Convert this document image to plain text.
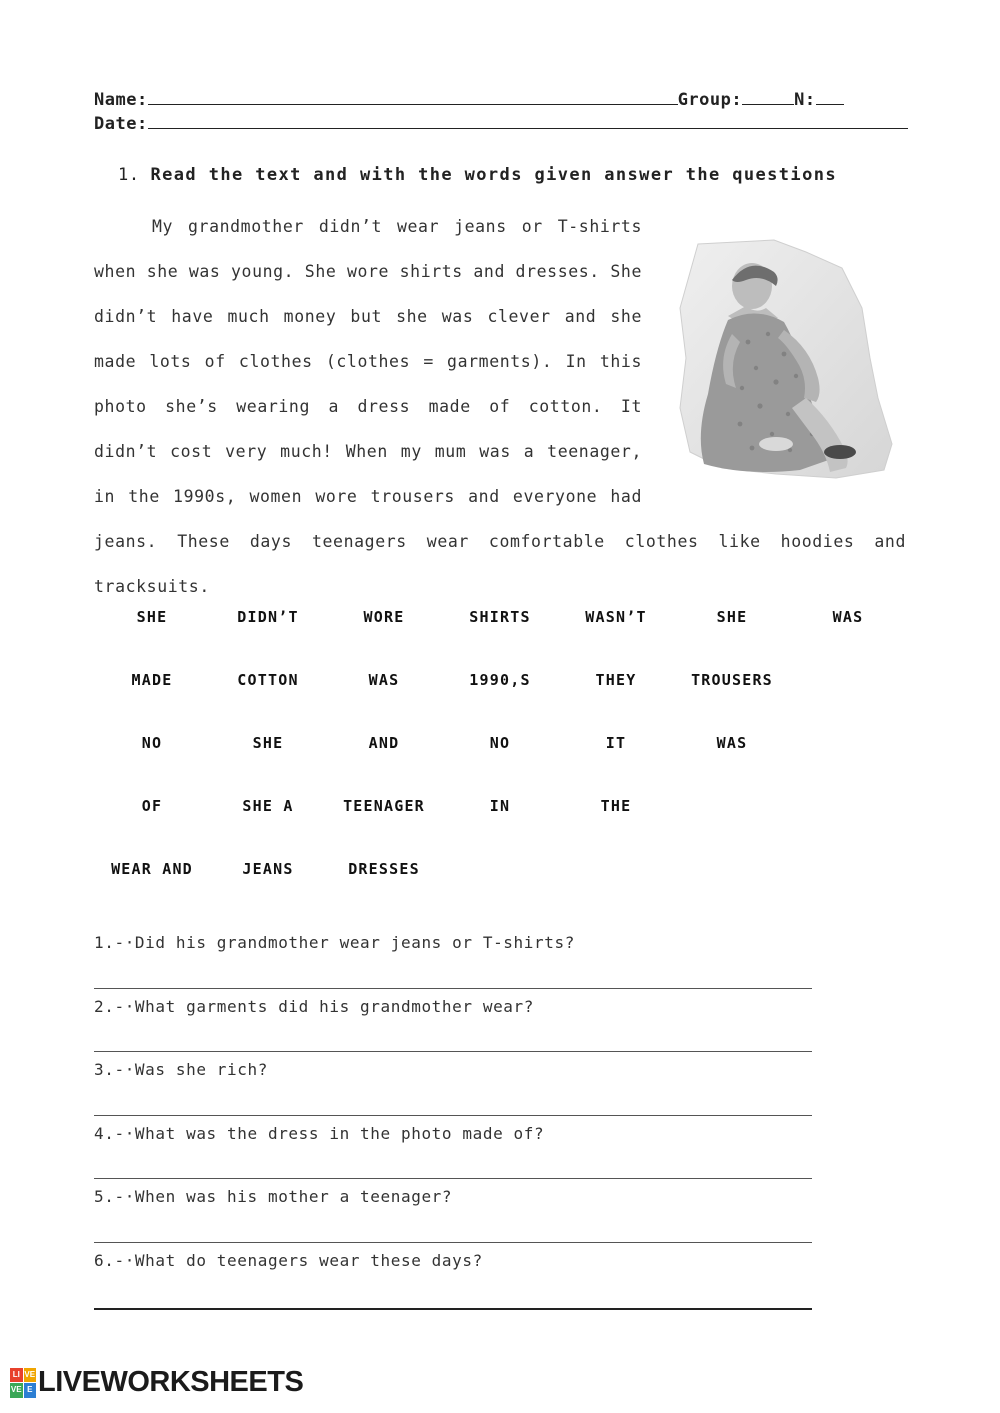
Name:	Group:	N:
Date:
1. Read the text and with the words given answer the questions
My grandmother didn’t wear jeans or T-shirts when she was young. She wore shirts and dresses. She didn’t have much money but she was clever and she made lots of clothes (clothes = garments). In this photo she’s wearing a dress made of cotton. It didn’t cost very much! When my mum was a teenager, in the 1990s, women wore trousers and everyone had jeans. These days teenagers wear comfortable clothes like hoodies and tracksuits.
SHE	DIDN’T	WORE	SHIRTS	WASN’T	SHE	WAS
MADE	COTTON	WAS	1990,S	THEY	TROUSERS
NO	SHE	AND	NO	IT	WAS
OF	SHE A	TEENAGER	IN	THE
WEAR AND	JEANS	DRESSES
1.-·Did his grandmother wear jeans or T-shirts?
2.-·What garments did his grandmother wear?
3.-·Was she rich?
4.-·What was the dress in the photo made of?
5.-·When was his mother a teenager?
6.-·What do teenagers wear these days?
LI VE
VE E LIVEWORKSHEETS
